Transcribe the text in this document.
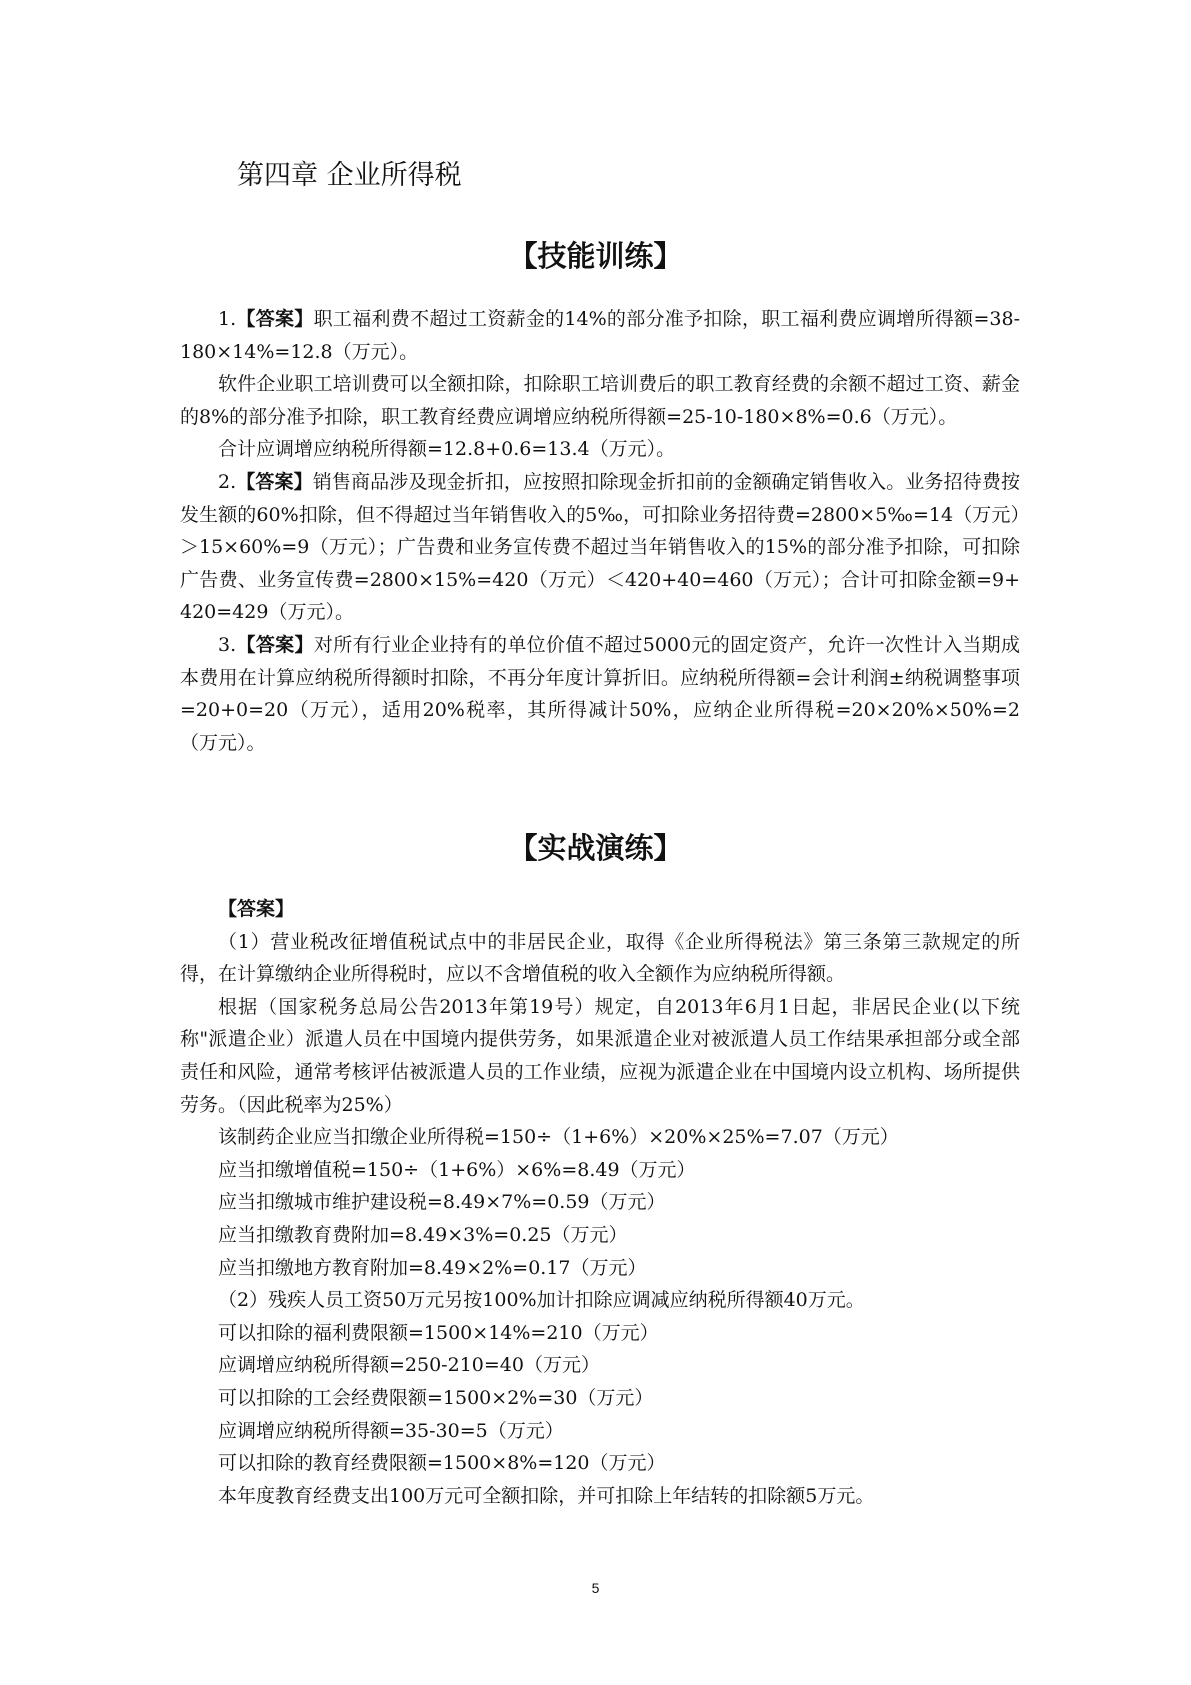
第四章 企业所得税
【技能训练】

1.【答案】职工福利费不超过工资薪金的14%的部分准予扣除，职工福利费应调增所得额=38-180×14%=12.8（万元）。

软件企业职工培训费可以全额扣除，扣除职工培训费后的职工教育经费的余额不超过工资、薪金的8%的部分准予扣除，职工教育经费应调增应纳税所得额=25-10-180×8%=0.6（万元）。

合计应调增应纳税所得额=12.8+0.6=13.4（万元）。

2.【答案】销售商品涉及现金折扣，应按照扣除现金折扣前的金额确定销售收入。业务招待费按发生额的60%扣除，但不得超过当年销售收入的5‰，可扣除业务招待费=2800×5‰=14（万元）＞15×60%=9（万元）；广告费和业务宣传费不超过当年销售收入的15%的部分准予扣除，可扣除广告费、业务宣传费=2800×15%=420（万元）＜420+40=460（万元）；合计可扣除金额=9+420=429（万元）。

3.【答案】对所有行业企业持有的单位价值不超过5000元的固定资产，允许一次性计入当期成本费用在计算应纳税所得额时扣除，不再分年度计算折旧。应纳税所得额=会计利润±纳税调整事项=20+0=20（万元），适用20%税率，其所得减计50%，应纳企业所得税=20×20%×50%=2（万元）。

【实战演练】

【答案】

（1）营业税改征增值税试点中的非居民企业，取得《企业所得税法》第三条第三款规定的所得，在计算缴纳企业所得税时，应以不含增值税的收入全额作为应纳税所得额。

根据（国家税务总局公告2013年第19号）规定，自2013年6月1日起，非居民企业(以下统称"派遣企业）派遣人员在中国境内提供劳务，如果派遣企业对被派遣人员工作结果承担部分或全部责任和风险，通常考核评估被派遣人员的工作业绩，应视为派遣企业在中国境内设立机构、场所提供劳务。（因此税率为25%）

该制药企业应当扣缴企业所得税=150÷（1+6%）×20%×25%=7.07（万元）

应当扣缴增值税=150÷（1+6%）×6%=8.49（万元）

应当扣缴城市维护建设税=8.49×7%=0.59（万元）

应当扣缴教育费附加=8.49×3%=0.25（万元）

应当扣缴地方教育附加=8.49×2%=0.17（万元）

（2）残疾人员工资50万元另按100%加计扣除应调减应纳税所得额40万元。

可以扣除的福利费限额=1500×14%=210（万元）

应调增应纳税所得额=250-210=40（万元）

可以扣除的工会经费限额=1500×2%=30（万元）

应调增应纳税所得额=35-30=5（万元）

可以扣除的教育经费限额=1500×8%=120（万元）

本年度教育经费支出100万元可全额扣除，并可扣除上年结转的扣除额5万元。

5
